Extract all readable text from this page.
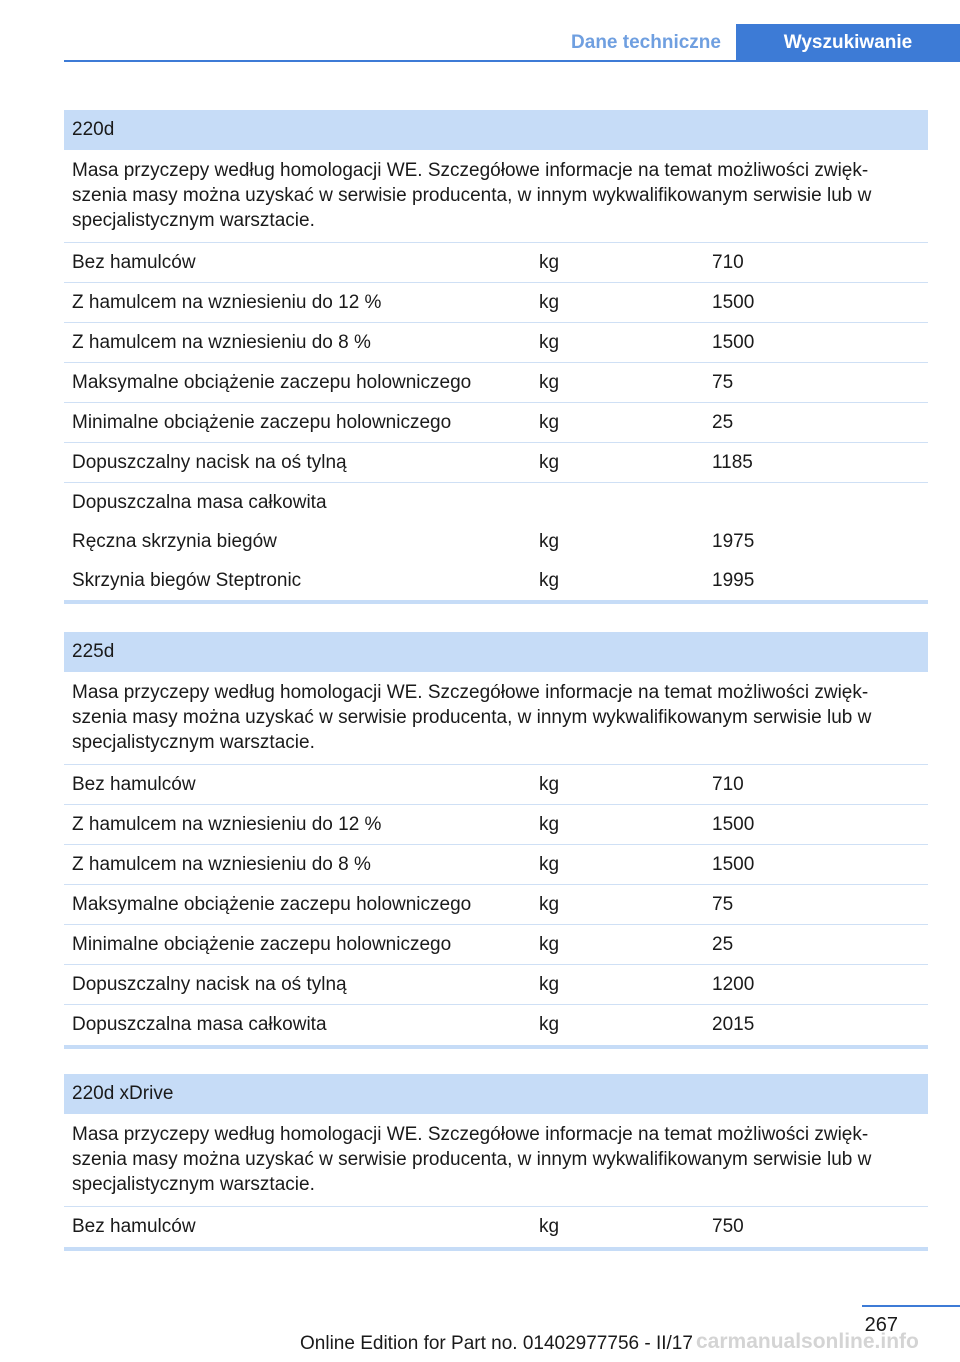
Dane techniczne	Wyszukiwanie
220d
Masa przyczepy według homologacji WE. Szczegółowe informacje na temat możliwości zwięk-szenia masy można uzyskać w serwisie producenta, w innym wykwalifikowanym serwisie lub w specjalistycznym warsztacie.
Bez hamulców	kg	710
Z hamulcem na wzniesieniu do 12 %	kg	1500
Z hamulcem na wzniesieniu do 8 %	kg	1500
Maksymalne obciążenie zaczepu holowniczego	kg	75
Minimalne obciążenie zaczepu holowniczego	kg	25
Dopuszczalny nacisk na oś tylną	kg	1185
Dopuszczalna masa całkowita
Ręczna skrzynia biegów	kg	1975
Skrzynia biegów Steptronic	kg	1995
225d
Masa przyczepy według homologacji WE. Szczegółowe informacje na temat możliwości zwięk-szenia masy można uzyskać w serwisie producenta, w innym wykwalifikowanym serwisie lub w specjalistycznym warsztacie.
Bez hamulców	kg	710
Z hamulcem na wzniesieniu do 12 %	kg	1500
Z hamulcem na wzniesieniu do 8 %	kg	1500
Maksymalne obciążenie zaczepu holowniczego	kg	75
Minimalne obciążenie zaczepu holowniczego	kg	25
Dopuszczalny nacisk na oś tylną	kg	1200
Dopuszczalna masa całkowita	kg	2015
220d xDrive
Masa przyczepy według homologacji WE. Szczegółowe informacje na temat możliwości zwięk-szenia masy można uzyskać w serwisie producenta, w innym wykwalifikowanym serwisie lub w specjalistycznym warsztacie.
Bez hamulców	kg	750
267
Online Edition for Part no. 01402977756 - II/17 carmanualsonline.info
